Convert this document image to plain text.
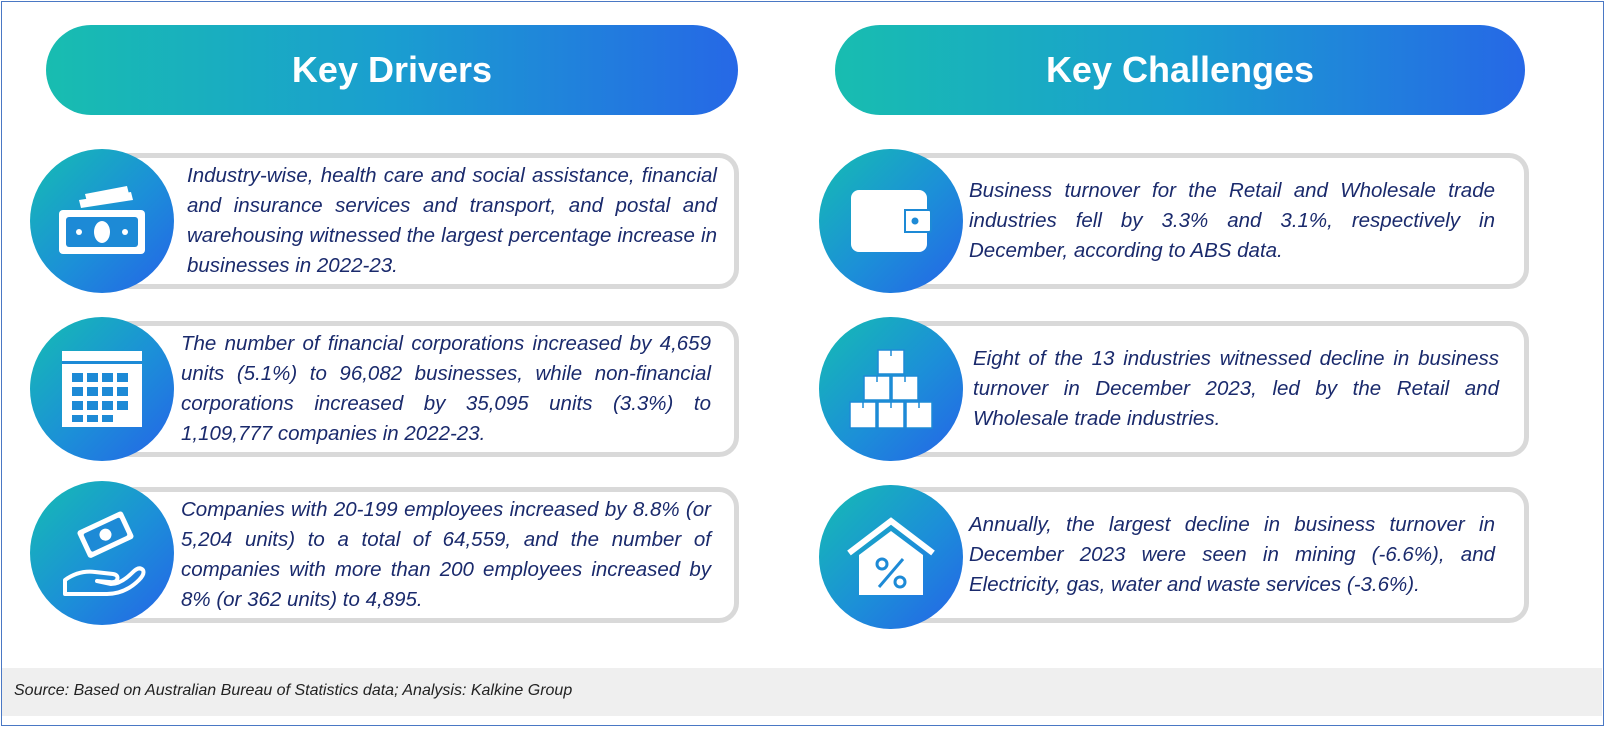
Key Drivers	Key Challenges
Industry-wise, health care and social assistance, financial and insurance services and transport, and postal and warehousing witnessed the largest percentage increase in businesses in 2022-23.
The number of financial corporations increased by 4,659 units (5.1%) to 96,082 businesses, while non-financial corporations increased by 35,095 units (3.3%) to 1,109,777 companies in 2022-23.
Companies with 20-199 employees increased by 8.8% (or 5,204 units) to a total of 64,559, and the number of companies with more than 200 employees increased by 8% (or 362 units) to 4,895.
Business turnover for the Retail and Wholesale trade industries fell by 3.3% and 3.1%, respectively in December, according to ABS data.
Eight of the 13 industries witnessed decline in business turnover in December 2023, led by the Retail and Wholesale trade industries.
Annually, the largest decline in business turnover in December 2023 were seen in mining (-6.6%), and Electricity, gas, water and waste services (-3.6%).
Source: Based on Australian Bureau of Statistics data; Analysis: Kalkine Group
